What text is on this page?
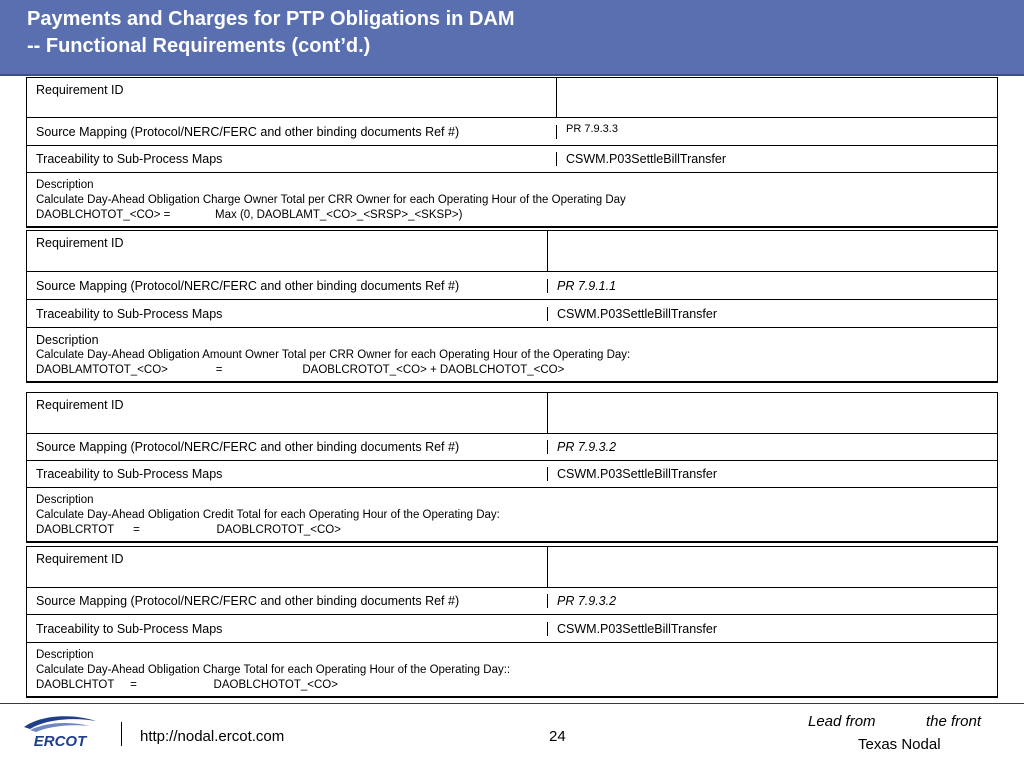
Payments and Charges for PTP Obligations in DAM
-- Functional Requirements (cont’d.)
Requirement ID
Source Mapping (Protocol/NERC/FERC and other binding documents Ref #)	PR 7.9.3.3
Traceability to Sub-Process Maps	CSWM.P03SettleBillTransfer
Description
Calculate Day-Ahead Obligation Charge Owner Total per CRR Owner for each Operating Hour of the Operating Day
DAOBLCHOTOT_<CO> =              Max (0, DAOBLAMT_<CO>_<SRSP>_<SKSP>)
Requirement ID
Source Mapping (Protocol/NERC/FERC and other binding documents Ref #)	PR 7.9.1.1
Traceability to Sub-Process Maps	CSWM.P03SettleBillTransfer
Description
Calculate Day-Ahead Obligation Amount Owner Total per CRR Owner for each Operating Hour of the Operating Day:
DAOBLAMTOTOT_<CO>               =                         DAOBLCROTOT_<CO> + DAOBLCHOTOT_<CO>
Requirement ID
Source Mapping (Protocol/NERC/FERC and other binding documents Ref #)	PR 7.9.3.2
Traceability to Sub-Process Maps	CSWM.P03SettleBillTransfer
Description
Calculate Day-Ahead Obligation Credit Total for each Operating Hour of the Operating Day:
DAOBLCRTOT      =                        DAOBLCROTOT_<CO>
Requirement ID
Source Mapping (Protocol/NERC/FERC and other binding documents Ref #)	PR 7.9.3.2
Traceability to Sub-Process Maps	CSWM.P03SettleBillTransfer
Description
Calculate Day-Ahead Obligation Charge Total for each Operating Hour of the Operating Day::
DAOBLCHTOT     =                        DAOBLCHOTOT_<CO>
ERCOT	http://nodal.ercot.com	24
Lead from	the front
Texas Nodal
